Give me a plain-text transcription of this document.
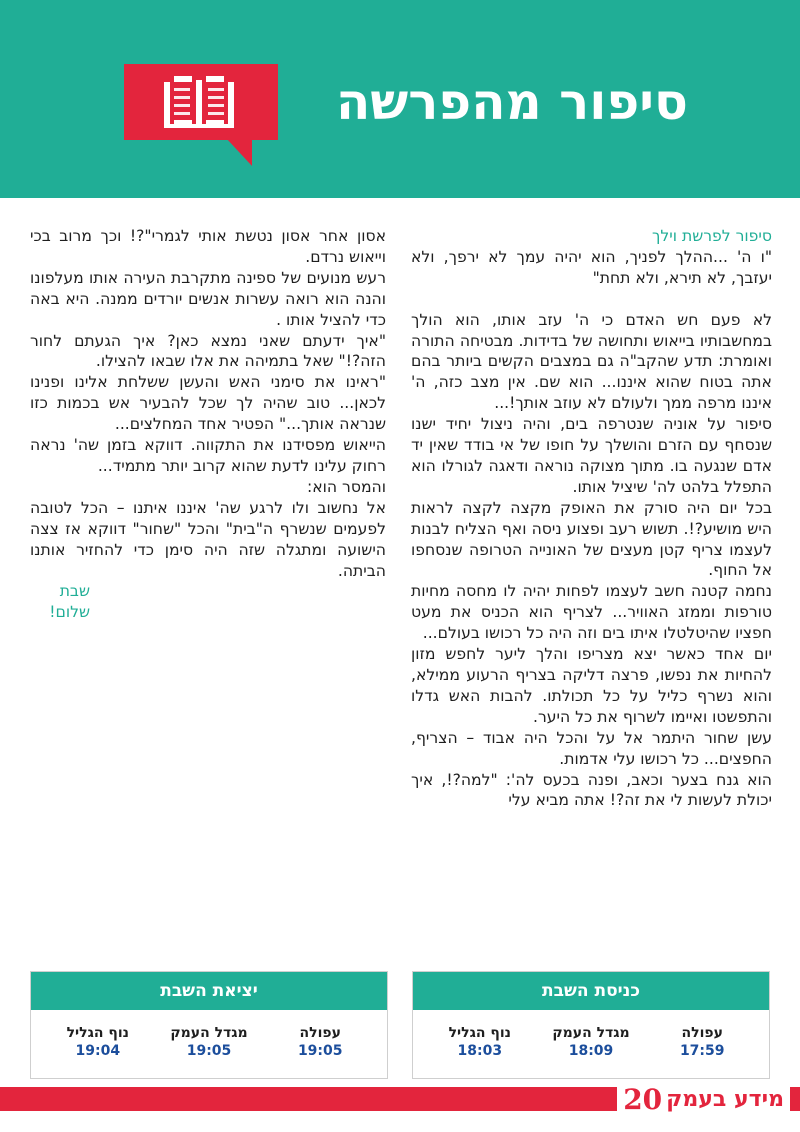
סיפור מהפרשה

סיפור לפרשת וילך

"ו ה' ...ההלך לפניך, הוא יהיה עמך לא ירפך, ולא יעזבך, לא תירא, ולא תחת"

לא פעם חש האדם כי ה' עזב אותו, הוא הולך במחשבותיו בייאוש ותחושה של בדידות. מבטיחה התורה ואומרת: תדע שהקב"ה גם במצבים הקשים ביותר בהם אתה בטוח שהוא איננו... הוא שם. אין מצב כזה, ה' איננו מרפה ממך ולעולם לא עוזב אותך!...

סיפור על אוניה שנטרפה בים, והיה ניצול יחיד ישנו שנסחף עם הזרם והושלך על חופו של אי בודד שאין יד אדם שנגעה בו. מתוך מצוקה נוראה ודאגה לגורלו הוא התפלל בלהט לה' שיציל אותו.

בכל יום היה סורק את האופק מקצה לקצה לראות היש מושיע?!. תשוש רעב ופצוע ניסה ואף הצליח לבנות לעצמו צריף קטן מעצים של האונייה הטרופה שנסחפו אל החוף.

נחמה קטנה חשב לעצמו לפחות יהיה לו מחסה מחיות טורפות וממזג האוויר... לצריף הוא הכניס את מעט חפציו שהיטלטלו איתו בים וזה היה כל רכושו בעולם...

יום אחד כאשר יצא מצריפו והלך ליער לחפש מזון להחיות את נפשו, פרצה דליקה בצריף הרעוע ממילא, והוא נשרף כליל על כל תכולתו. להבות האש גדלו והתפשטו ואיימו לשרוף את כל היער.

עשן שחור היתמר אל על והכל היה אבוד – הצריף, החפצים... כל רכושו עלי אדמות.

הוא גנח בצער וכאב, ופנה בכעס לה': "למה?!, איך יכולת לעשות לי את זה?! אתה מביא עלי

אסון אחר אסון נטשת אותי לגמרי"?! וכך מרוב בכי וייאוש נרדם.

רעש מנועים של ספינה מתקרבת העירה אותו מעלפונו והנה הוא רואה עשרות אנשים יורדים ממנה. היא באה כדי להציל אותו .

"איך ידעתם שאני נמצא כאן? איך הגעתם לחור הזה?!" שאל בתמיהה את אלו שבאו להצילו.

"ראינו את סימני האש והעשן ששלחת אלינו ופנינו לכאן... טוב שהיה לך שכל להבעיר אש בכמות כזו שנראה אותך..." הפטיר אחד המחלצים...

הייאוש מפסידנו את התקווה. דווקא בזמן שה' נראה רחוק עלינו לדעת שהוא קרוב יותר מתמיד...

והמסר הוא:

אל נחשוב ולו לרגע שה' איננו איתנו – הכל לטובה לפעמים שנשרף ה"בית" והכל "שחור" דווקא אז צצה הישועה ומתגלה שזה היה סימן כדי להחזיר אותנו הביתה.

שבת שלום!

כניסת השבת
עפולה
17:59
מגדל העמק
18:09
נוף הגליל
18:03
יציאת השבת
עפולה
19:05
מגדל העמק
19:05
נוף הגליל
19:04
מידע בעמק
20
